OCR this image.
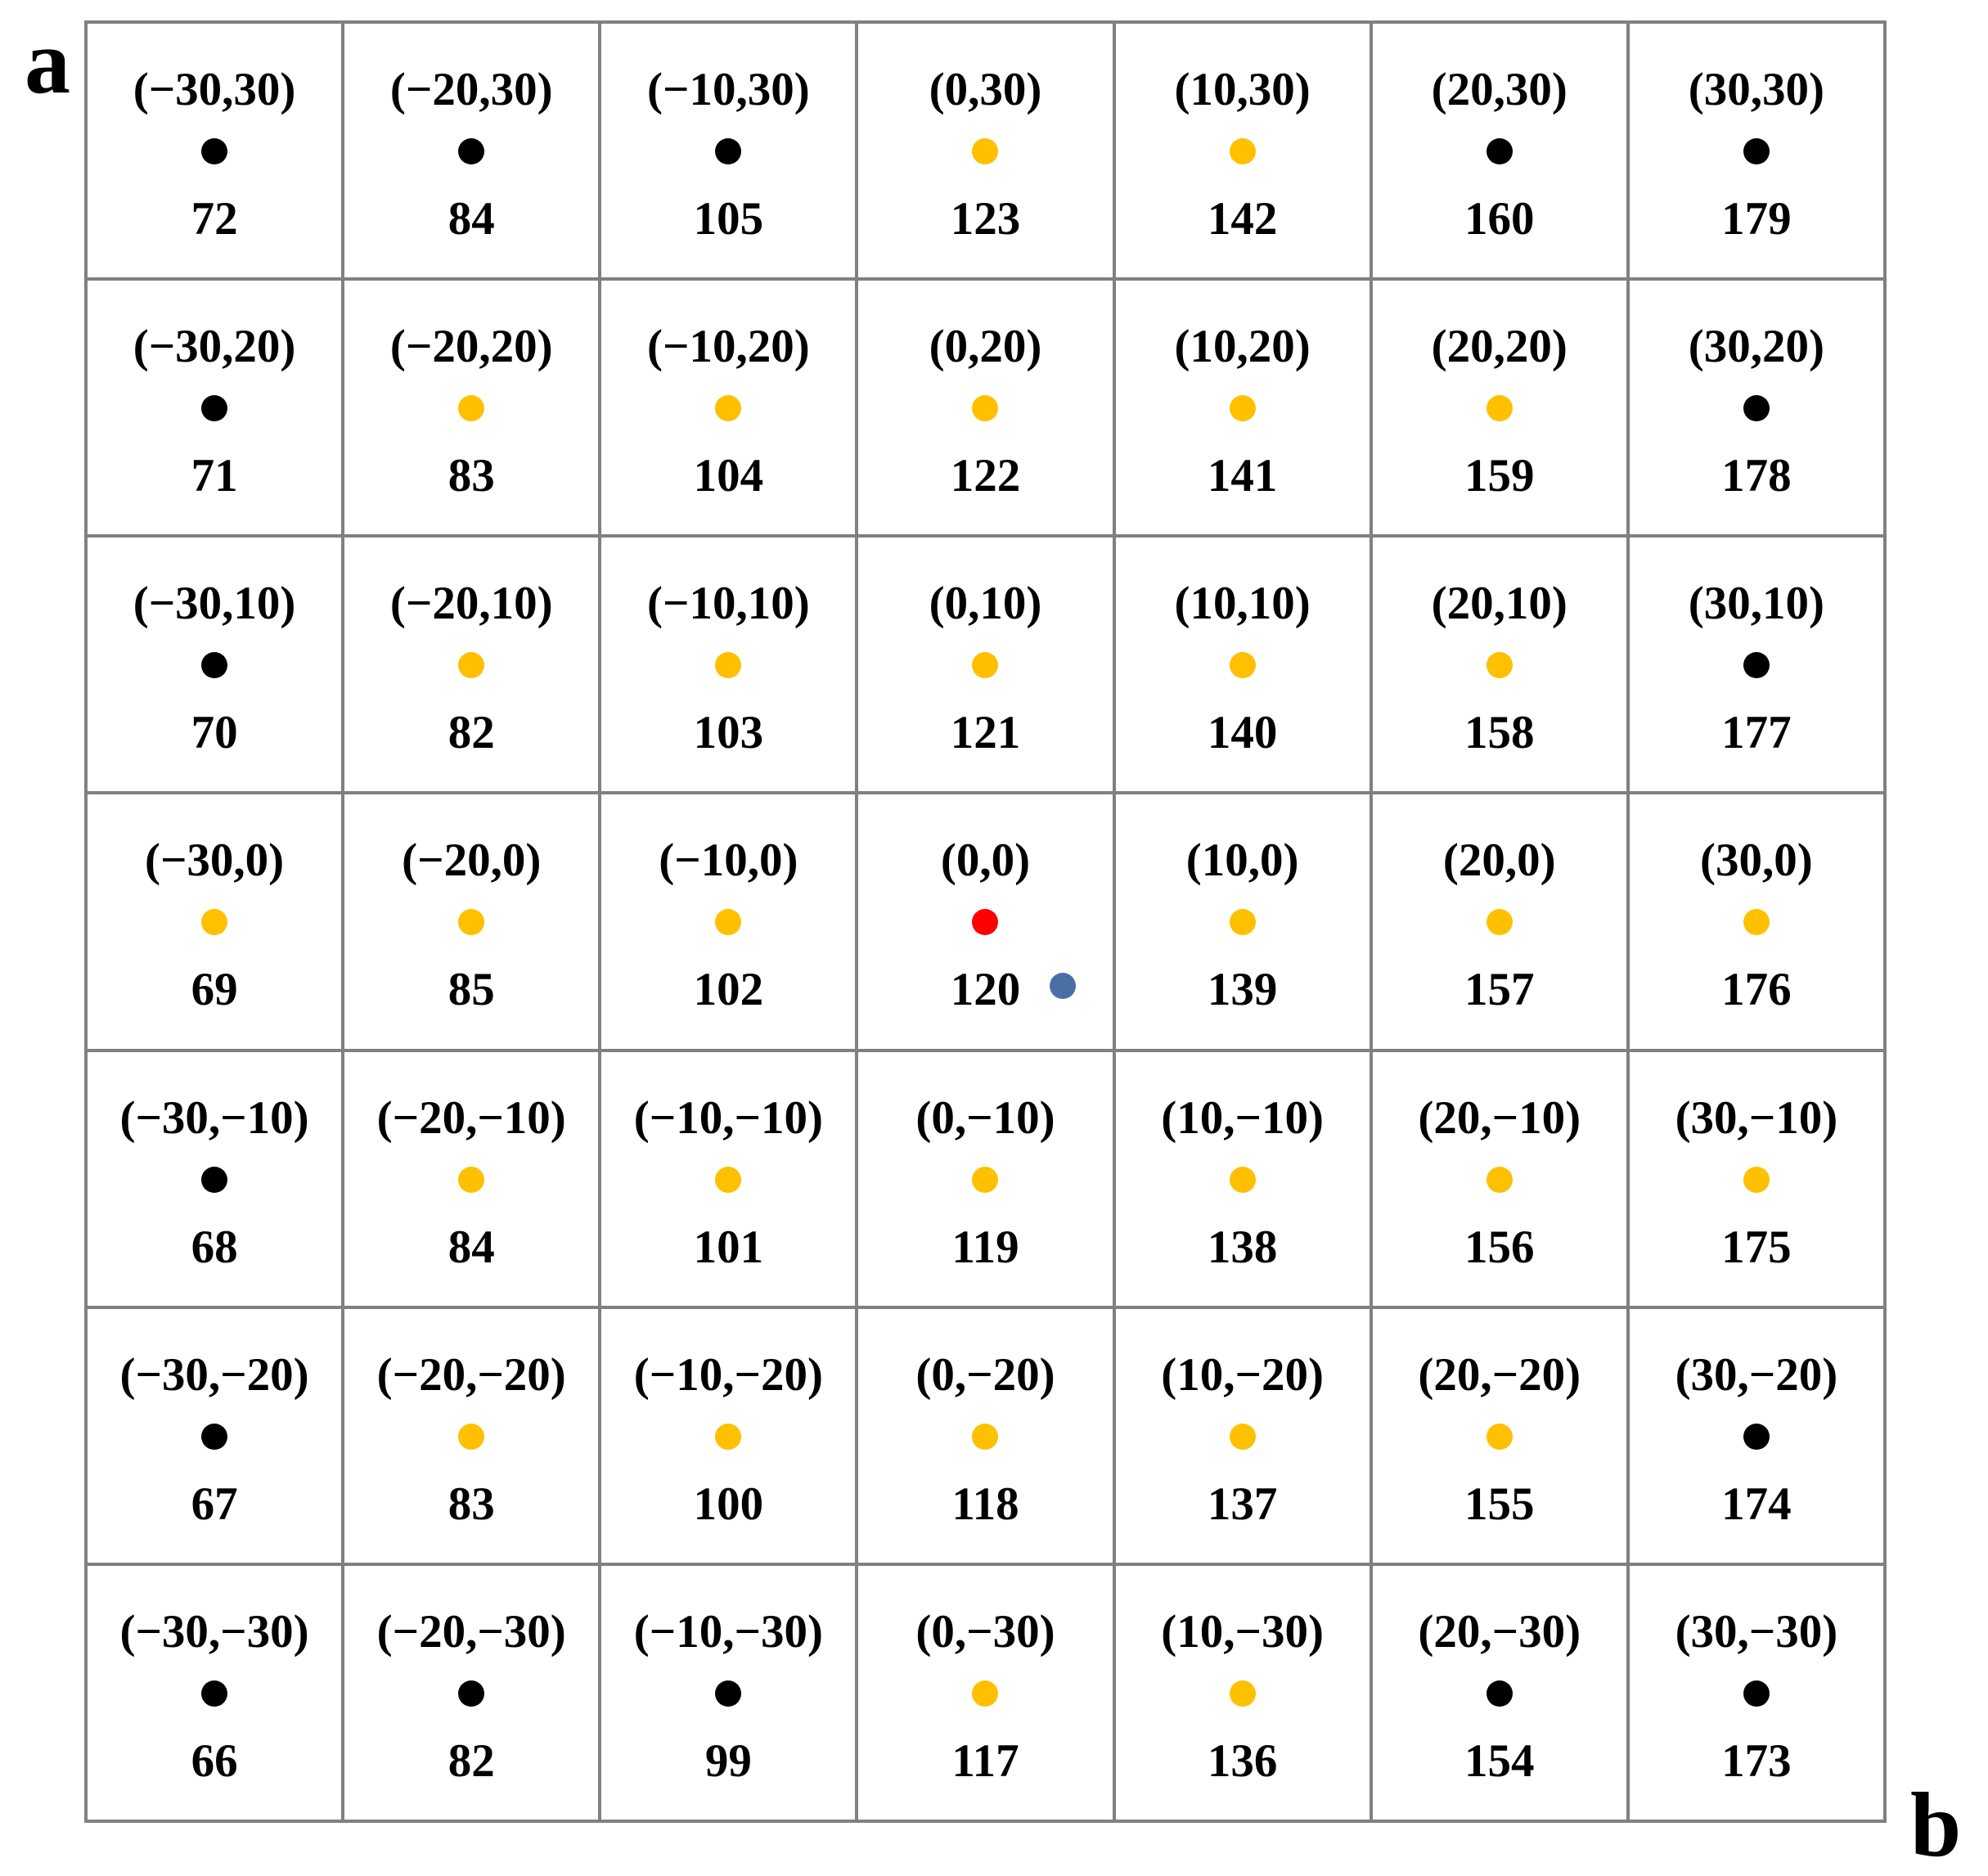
a
b
(−30,30)
72
(−20,30)
84
(−10,30)
105
(0,30)
123
(10,30)
142
(20,30)
160
(30,30)
179
(−30,20)
71
(−20,20)
83
(−10,20)
104
(0,20)
122
(10,20)
141
(20,20)
159
(30,20)
178
(−30,10)
70
(−20,10)
82
(−10,10)
103
(0,10)
121
(10,10)
140
(20,10)
158
(30,10)
177
(−30,0)
69
(−20,0)
85
(−10,0)
102
(0,0)
120
(10,0)
139
(20,0)
157
(30,0)
176
(−30,−10)
68
(−20,−10)
84
(−10,−10)
101
(0,−10)
119
(10,−10)
138
(20,−10)
156
(30,−10)
175
(−30,−20)
67
(−20,−20)
83
(−10,−20)
100
(0,−20)
118
(10,−20)
137
(20,−20)
155
(30,−20)
174
(−30,−30)
66
(−20,−30)
82
(−10,−30)
99
(0,−30)
117
(10,−30)
136
(20,−30)
154
(30,−30)
173
